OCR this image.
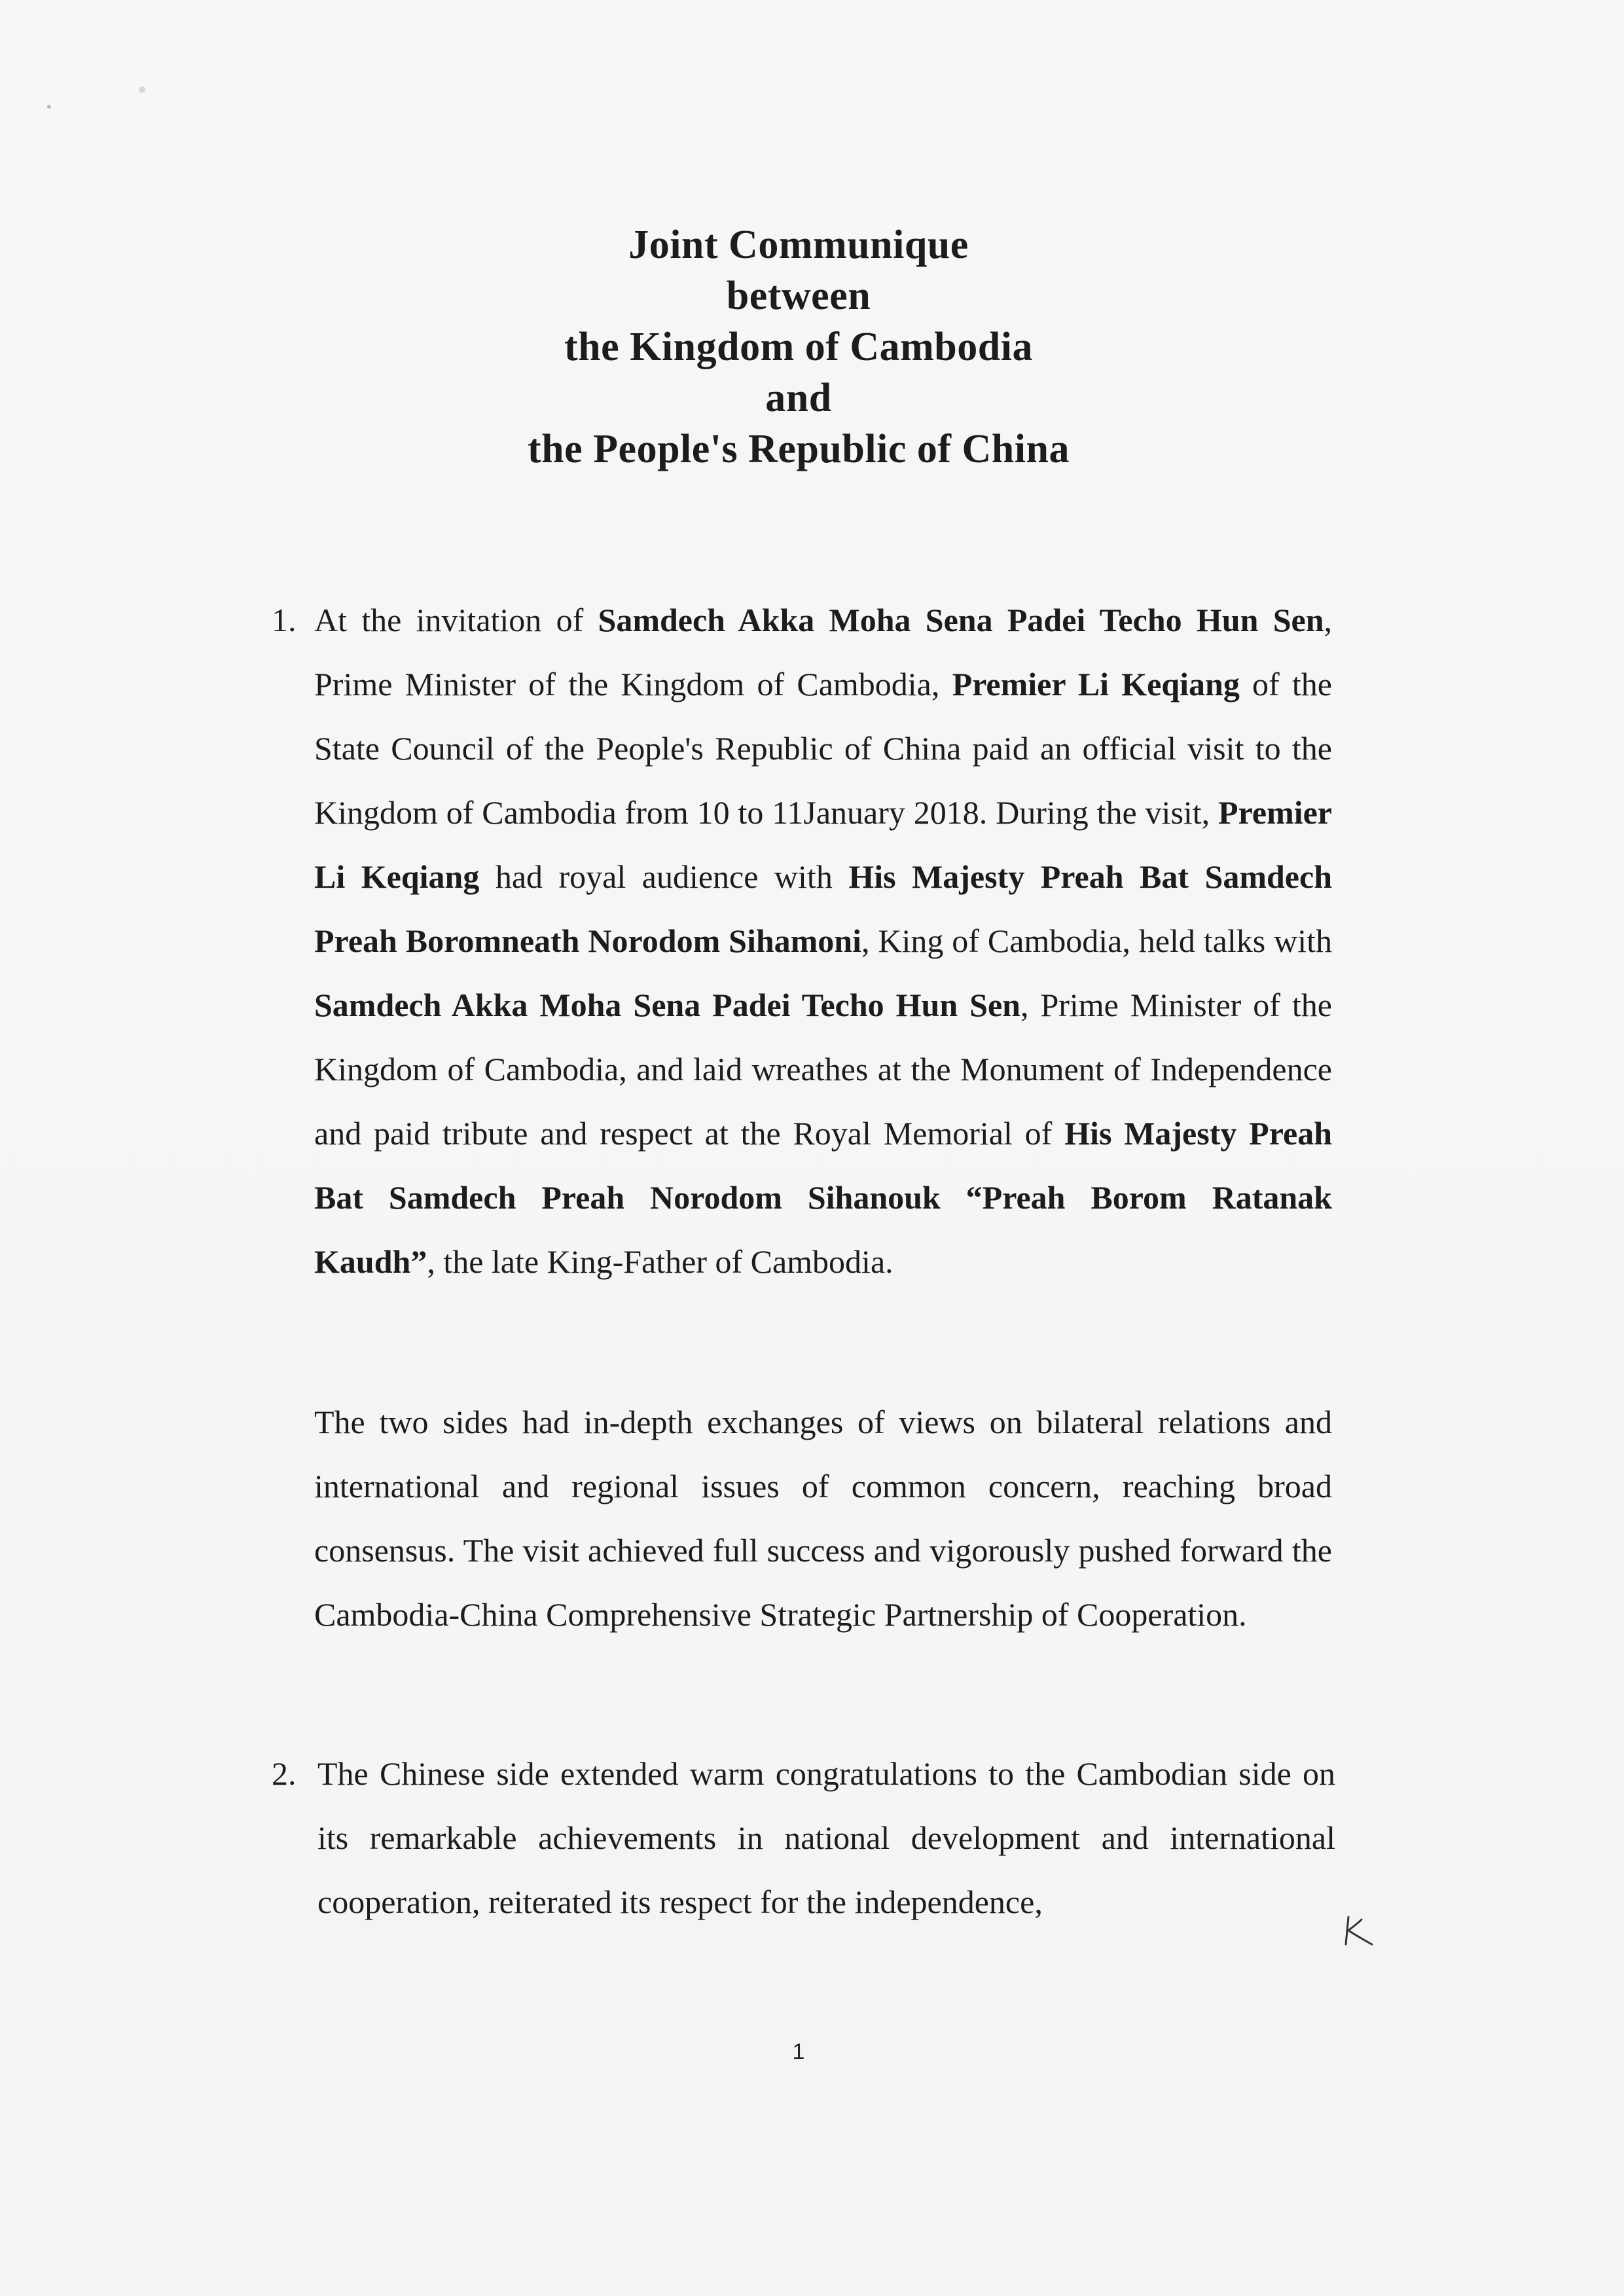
Joint Communique
between
the Kingdom of Cambodia
and
the People's Republic of China
1. At the invitation of Samdech Akka Moha Sena Padei Techo Hun Sen, Prime Minister of the Kingdom of Cambodia, Premier Li Keqiang of the State Council of the People's Republic of China paid an official visit to the Kingdom of Cambodia from 10 to 11January 2018. During the visit, Premier Li Keqiang had royal audience with His Majesty Preah Bat Samdech Preah Boromneath Norodom Sihamoni, King of Cambodia, held talks with Samdech Akka Moha Sena Padei Techo Hun Sen, Prime Minister of the Kingdom of Cambodia, and laid wreathes at the Monument of Independence and paid tribute and respect at the Royal Memorial of His Majesty Preah Bat Samdech Preah Norodom Sihanouk “Preah Borom Ratanak Kaudh”, the late King-Father of Cambodia.

The two sides had in-depth exchanges of views on bilateral relations and international and regional issues of common concern, reaching broad consensus. The visit achieved full success and vigorously pushed forward the Cambodia-China Comprehensive Strategic Partnership of Cooperation.

2. The Chinese side extended warm congratulations to the Cambodian side on its remarkable achievements in national development and international cooperation, reiterated its respect for the independence,

1
